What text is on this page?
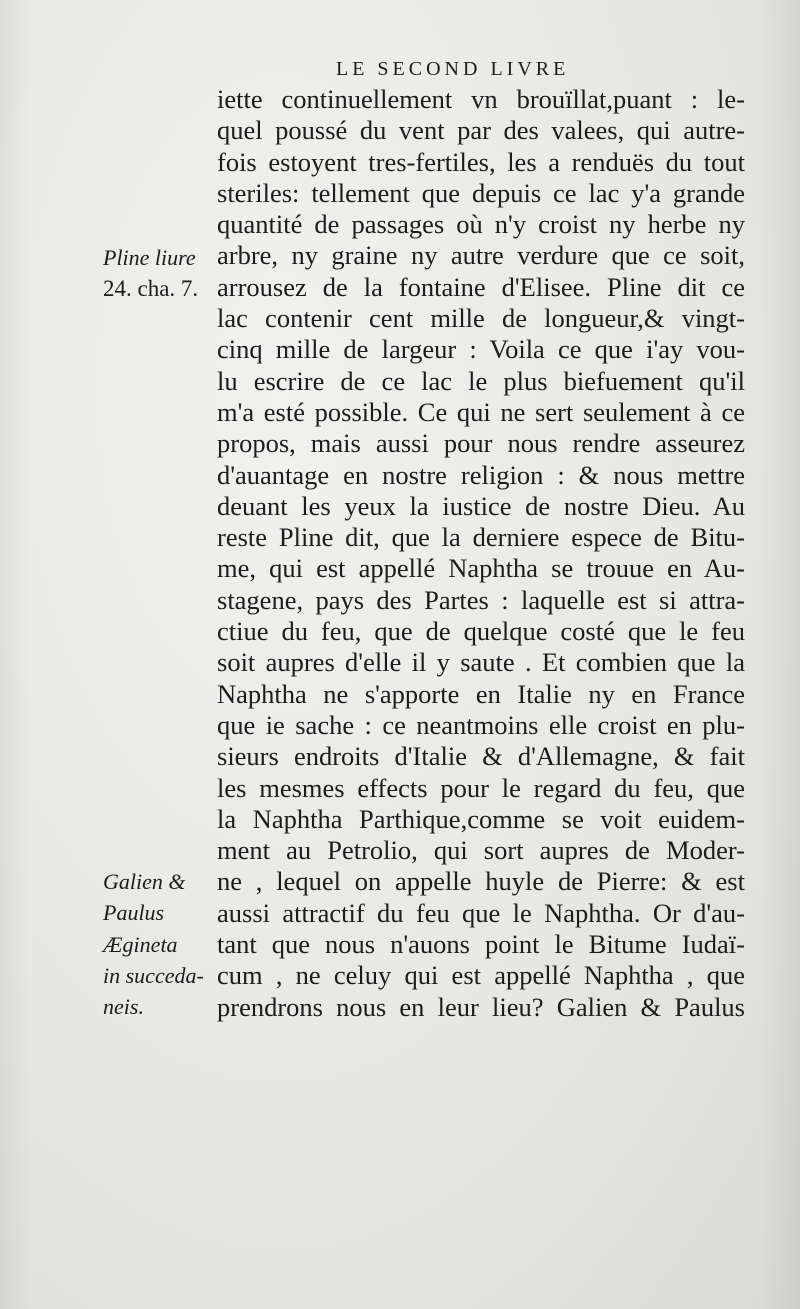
LE SECOND LIVRE
iette continuellement vn brouïllat,puant : le-
quel poussé du vent par des valees, qui autre-
fois estoyent tres-fertiles, les a renduës du tout
steriles: tellement que depuis ce lac y'a grande
quantité de passages où n'y croist ny herbe ny
arbre, ny graine ny autre verdure que ce soit,
arrousez de la fontaine d'Elisee. Pline dit ce
lac contenir cent mille de longueur,& vingt-
cinq mille de largeur : Voila ce que i'ay vou-
lu escrire de ce lac le plus biefuement qu'il
m'a esté possible. Ce qui ne sert seulement à ce
propos, mais aussi pour nous rendre asseurez
d'auantage en nostre religion : & nous mettre
deuant les yeux la iustice de nostre Dieu. Au
reste Pline dit, que la derniere espece de Bitu-
me, qui est appellé Naphtha se trouue en Au-
stagene, pays des Partes : laquelle est si attra-
ctiue du feu, que de quelque costé que le feu
soit aupres d'elle il y saute . Et combien que la
Naphtha ne s'apporte en Italie ny en France
que ie sache : ce neantmoins elle croist en plu-
sieurs endroits d'Italie & d'Allemagne, & fait
les mesmes effects pour le regard du feu, que
la Naphtha Parthique,comme se voit euidem-
ment au Petrolio, qui sort aupres de Moder-
ne , lequel on appelle huyle de Pierre: & est
aussi attractif du feu que le Naphtha. Or d'au-
tant que nous n'auons point le Bitume Iudaï-
cum , ne celuy qui est appellé Naphtha , que
prendrons nous en leur lieu? Galien & Paulus
Pline liure
24. cha. 7.
Galien &
Paulus
Ægineta
in succeda-
neis.
